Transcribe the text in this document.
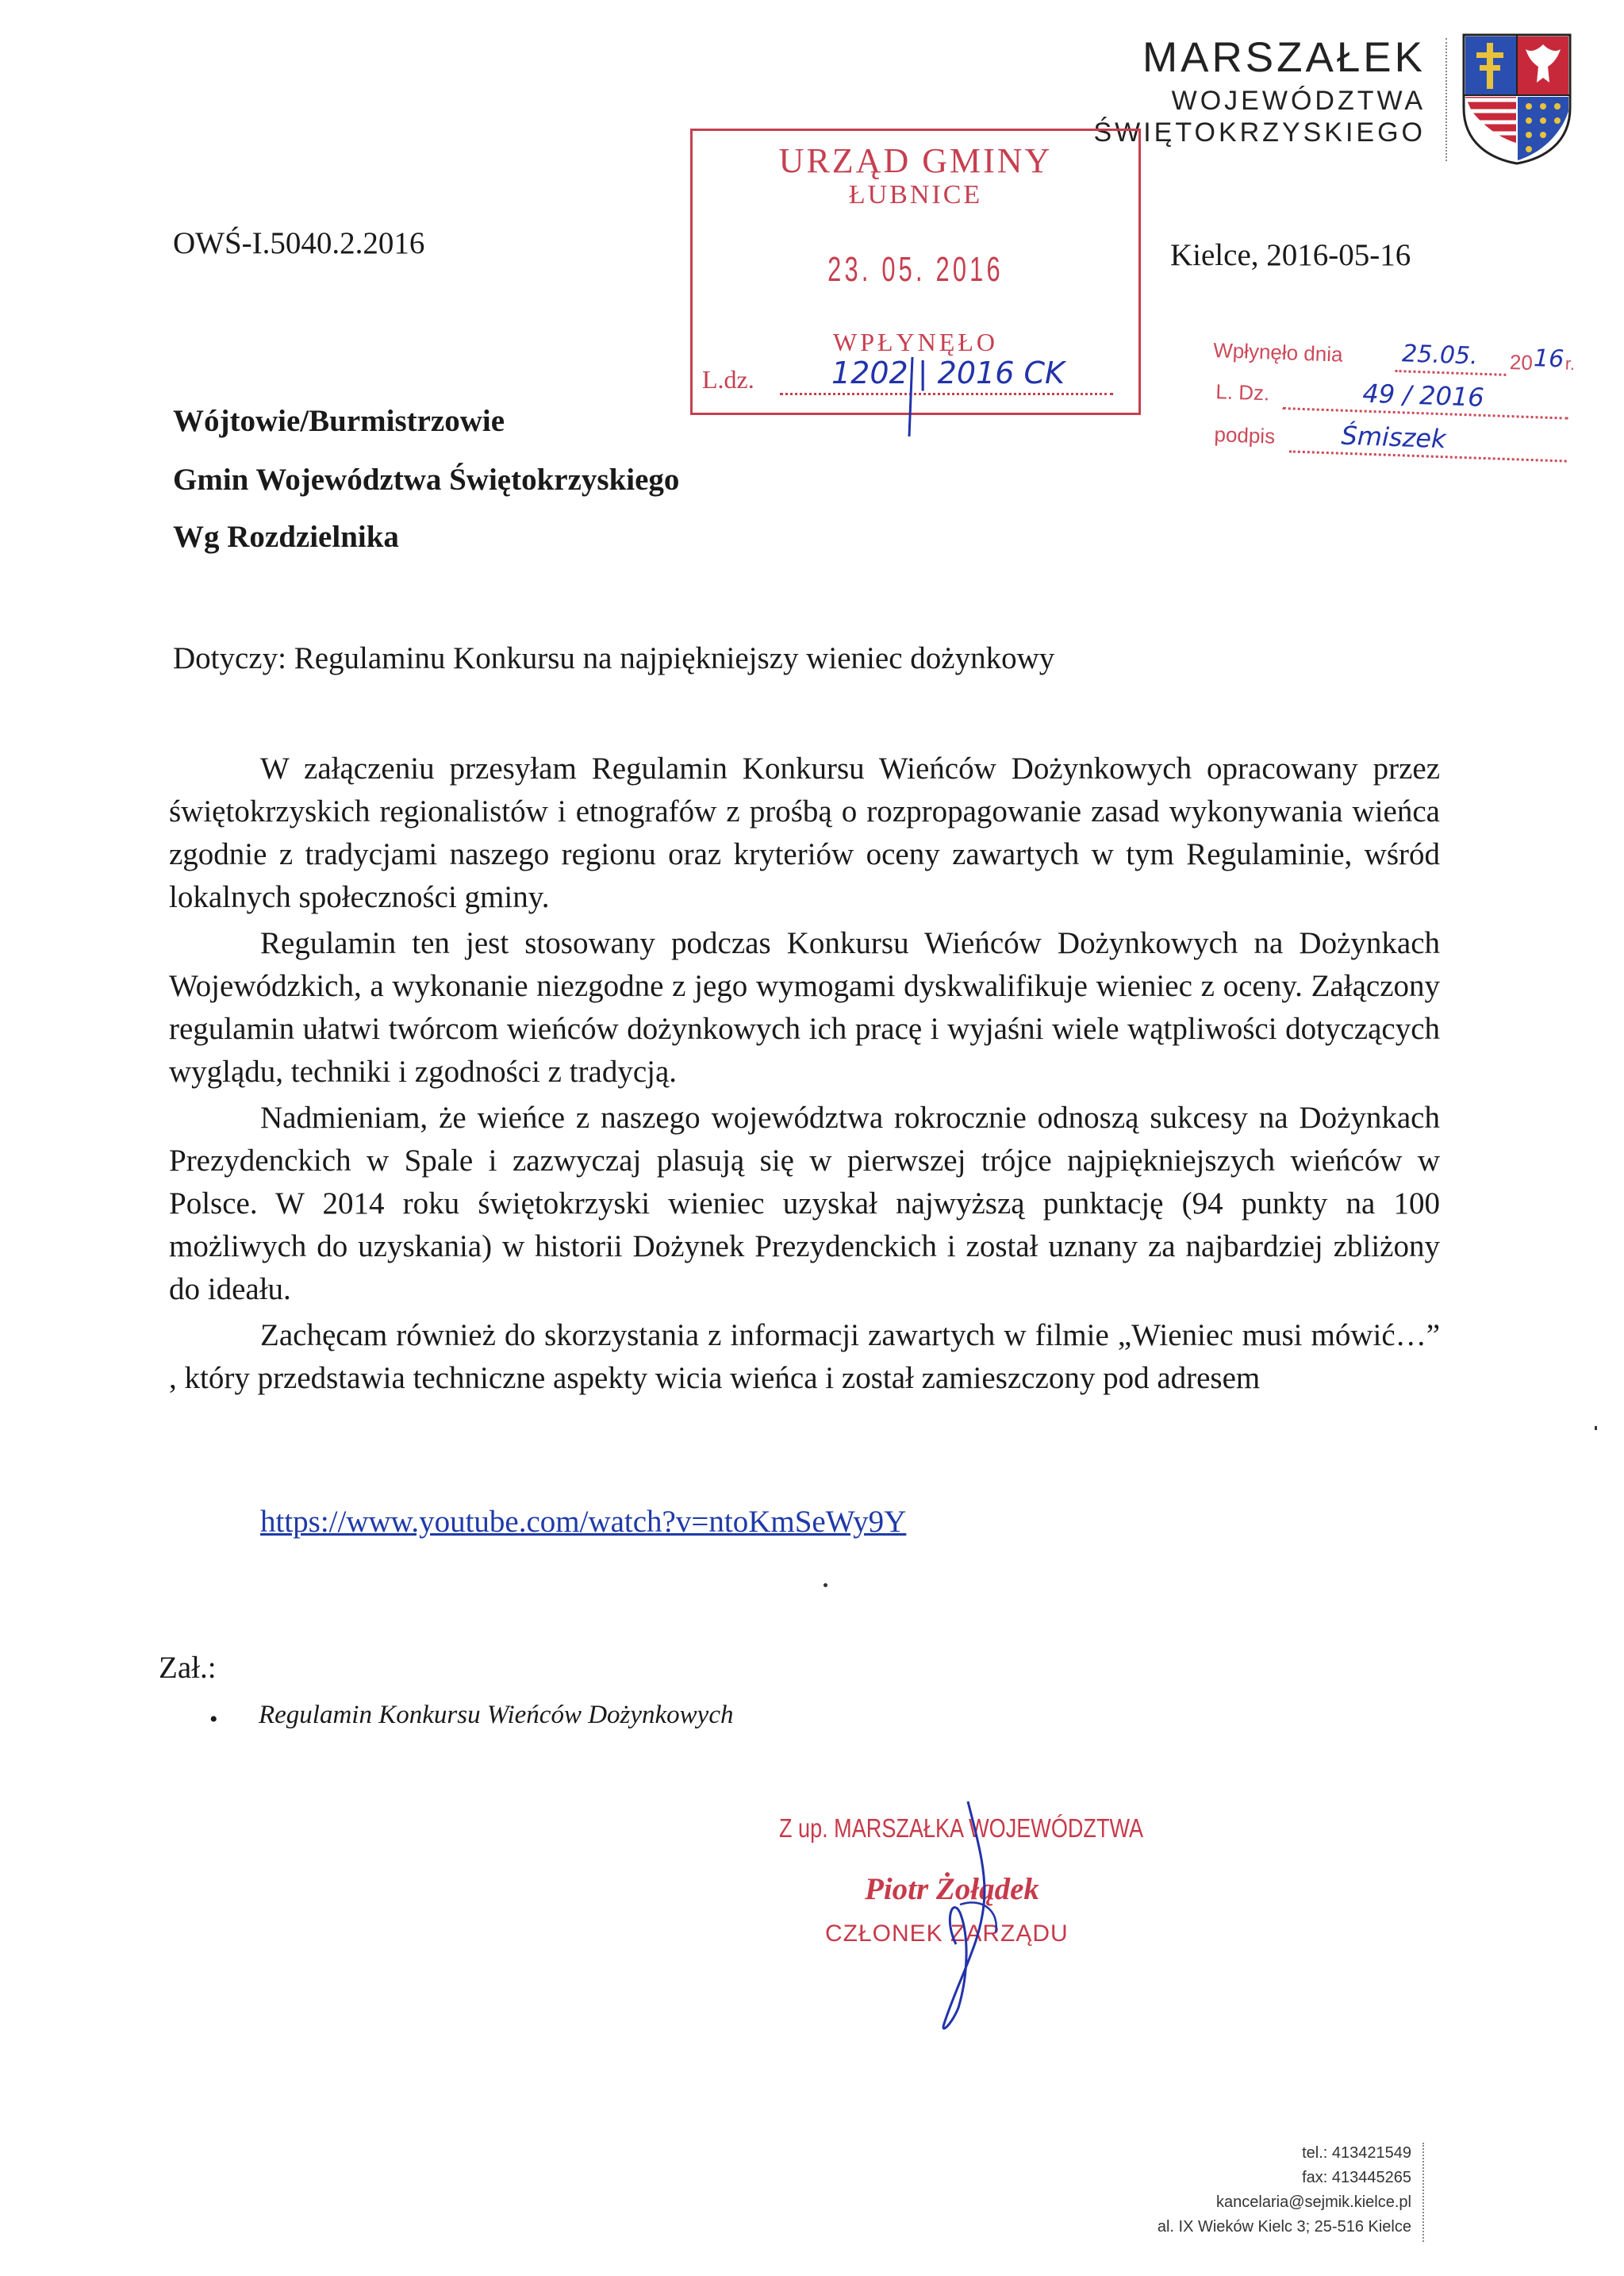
MARSZAŁEK
WOJEWÓDZTWA
ŚWIĘTOKRZYSKIEGO
OWŚ-I.5040.2.2016	Kielce, 2016-05-16
URZĄD GMINY
ŁUBNICE
23. 05. 2016
WPŁYNĘŁO
L.dz.	1202 | 2016 CK
Wpłynęło dnia 25.05. 20 16 r.
L. Dz.	49 / 2016
podpis	Śmiszek
Wójtowie/Burmistrzowie
Gmin Województwa Świętokrzyskiego
Wg Rozdzielnika
Dotyczy: Regulaminu Konkursu na najpiękniejszy wieniec dożynkowy
W załączeniu przesyłam Regulamin Konkursu Wieńców Dożynkowych opracowany przez świętokrzyskich regionalistów i etnografów z prośbą o rozpropagowanie zasad wykonywania wieńca zgodnie z tradycjami naszego regionu oraz kryteriów oceny zawartych w tym Regulaminie, wśród lokalnych społeczności gminy.
Regulamin ten jest stosowany podczas Konkursu Wieńców Dożynkowych na Dożynkach Wojewódzkich, a wykonanie niezgodne z jego wymogami dyskwalifikuje wieniec z oceny. Załączony regulamin ułatwi twórcom wieńców dożynkowych ich pracę i wyjaśni wiele wątpliwości dotyczących wyglądu, techniki i zgodności z tradycją.
Nadmieniam, że wieńce z naszego województwa rokrocznie odnoszą sukcesy na Dożynkach Prezydenckich w Spale i zazwyczaj plasują się w pierwszej trójce najpiękniejszych wieńców w Polsce. W 2014 roku świętokrzyski wieniec uzyskał najwyższą punktację (94 punkty na 100 możliwych do uzyskania) w historii Dożynek Prezydenckich i został uznany za najbardziej zbliżony do ideału.
Zachęcam również do skorzystania z informacji zawartych w filmie „Wieniec musi mówić…” , który przedstawia techniczne aspekty wicia wieńca i został zamieszczony pod adresem
https://www.youtube.com/watch?v=ntoKmSeWy9Y
Zał.:
• Regulamin Konkursu Wieńców Dożynkowych
Z up. MARSZAŁKA WOJEWÓDZTWA
Piotr Żołądek
CZŁONEK ZARZĄDU
tel.: 413421549
fax: 413445265
kancelaria@sejmik.kielce.pl
al. IX Wieków Kielc 3; 25-516 Kielce
